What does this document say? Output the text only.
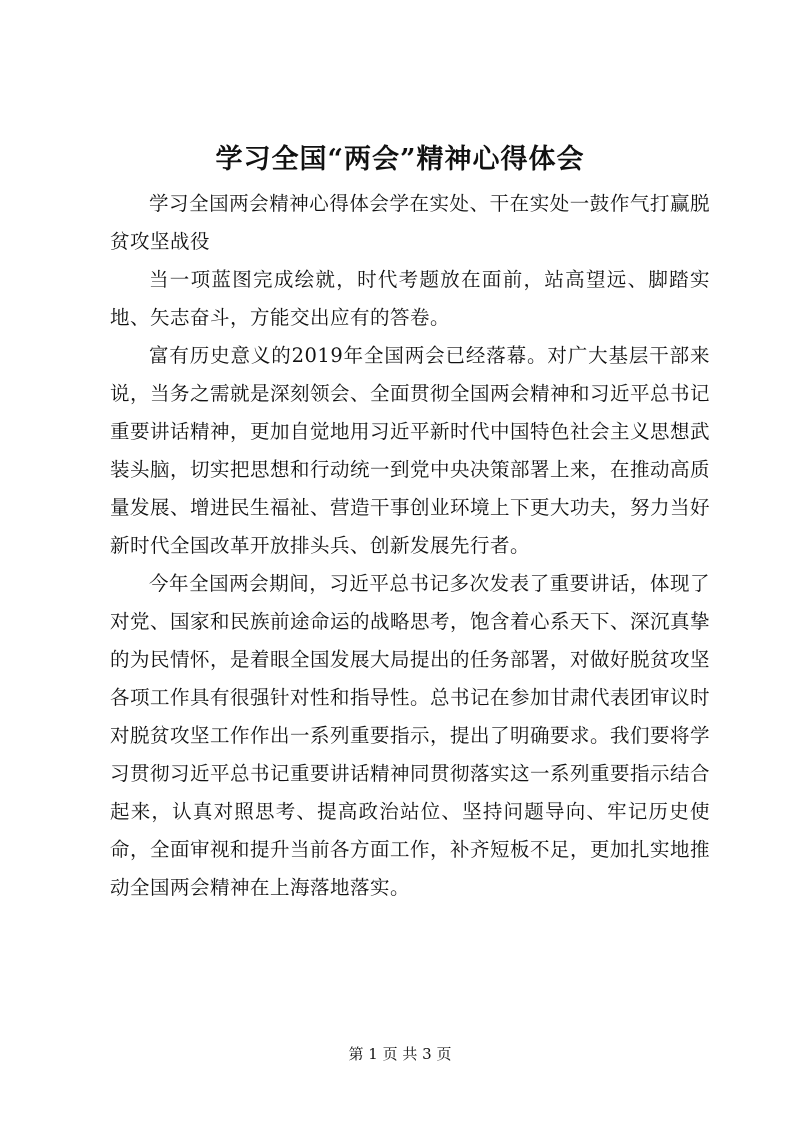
学习全国“两会”精神心得体会

学习全国两会精神心得体会学在实处、干在实处一鼓作气打赢脱贫攻坚战役

当一项蓝图完成绘就，时代考题放在面前，站高望远、脚踏实地、矢志奋斗，方能交出应有的答卷。

富有历史意义的2019年全国两会已经落幕。对广大基层干部来说，当务之需就是深刻领会、全面贯彻全国两会精神和习近平总书记重要讲话精神，更加自觉地用习近平新时代中国特色社会主义思想武装头脑，切实把思想和行动统一到党中央决策部署上来，在推动高质量发展、增进民生福祉、营造干事创业环境上下更大功夫，努力当好新时代全国改革开放排头兵、创新发展先行者。

今年全国两会期间，习近平总书记多次发表了重要讲话，体现了对党、国家和民族前途命运的战略思考，饱含着心系天下、深沉真挚的为民情怀，是着眼全国发展大局提出的任务部署，对做好脱贫攻坚各项工作具有很强针对性和指导性。总书记在参加甘肃代表团审议时对脱贫攻坚工作作出一系列重要指示，提出了明确要求。我们要将学习贯彻习近平总书记重要讲话精神同贯彻落实这一系列重要指示结合起来，认真对照思考、提高政治站位、坚持问题导向、牢记历史使命，全面审视和提升当前各方面工作，补齐短板不足，更加扎实地推动全国两会精神在上海落地落实。

第 1 页 共 3 页
